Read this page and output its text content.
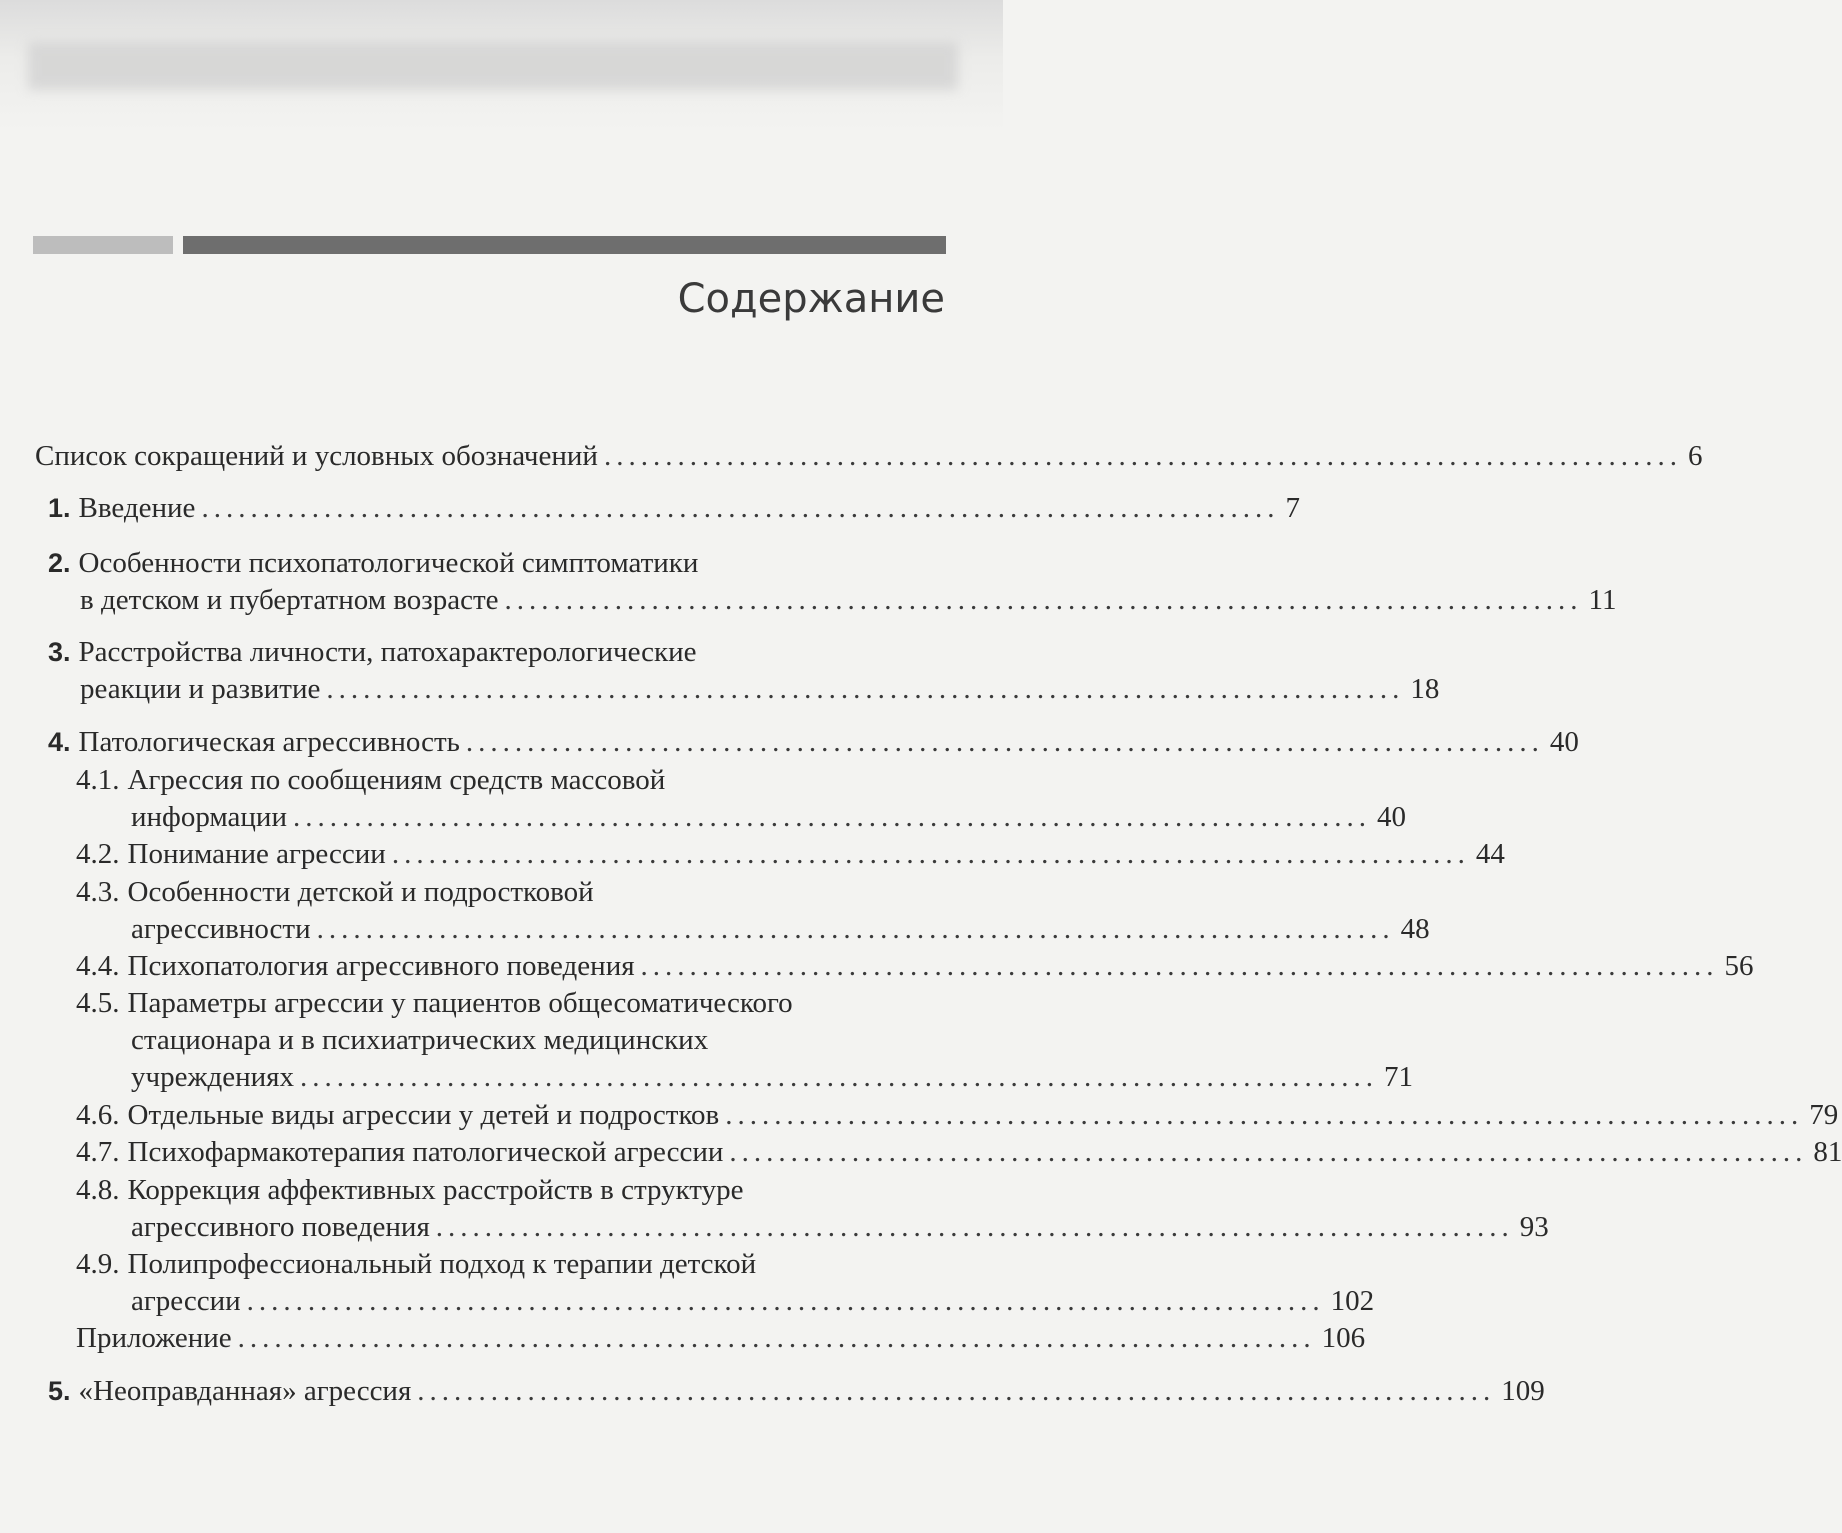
Содержание
Список сокращений и условных обозначений ........................................................................................ 6
1. Введение ........................................................................................ 7
2. Особенности психопатологической симптоматики
в детском и пубертатном возрасте ........................................................................................ 11
3. Расстройства личности, патохарактерологические
реакции и развитие ........................................................................................ 18
4. Патологическая агрессивность ........................................................................................ 40
4.1. Агрессия по сообщениям средств массовой
информации ........................................................................................ 40
4.2. Понимание агрессии ........................................................................................ 44
4.3. Особенности детской и подростковой
агрессивности ........................................................................................ 48
4.4. Психопатология агрессивного поведения ........................................................................................ 56
4.5. Параметры агрессии у пациентов общесоматического
стационара и в психиатрических медицинских
учреждениях ........................................................................................ 71
4.6. Отдельные виды агрессии у детей и подростков ........................................................................................ 79
4.7. Психофармакотерапия патологической агрессии ........................................................................................ 81
4.8. Коррекция аффективных расстройств в структуре
агрессивного поведения ........................................................................................ 93
4.9. Полипрофессиональный подход к терапии детской
агрессии ........................................................................................ 102
Приложение ........................................................................................ 106
5. «Неоправданная» агрессия ........................................................................................ 109
